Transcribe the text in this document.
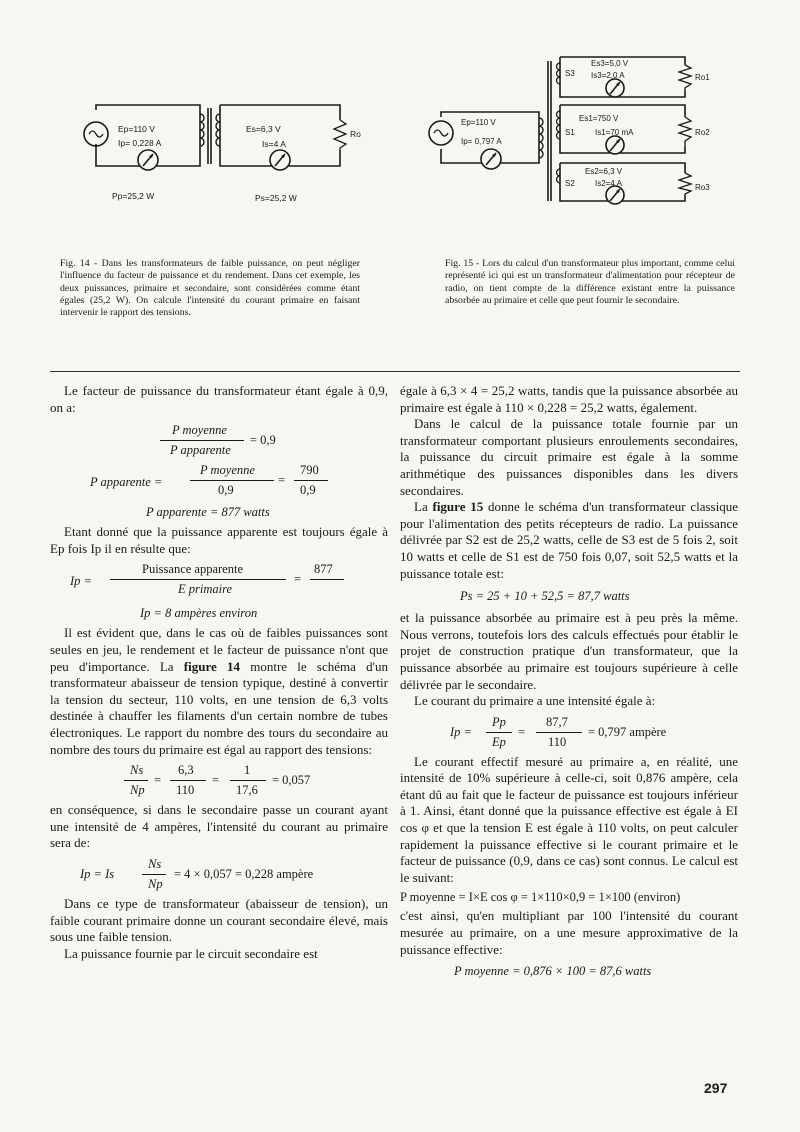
Ep=110 V
Ip= 0,228 A
Es=6,3 V
Is=4 A
Ro
Pp=25,2 W	Ps=25,2 W
Fig. 14 - Dans les transformateurs de faible puissance, on peut négliger l'influence du facteur de puissance et du rendement. Dans cet exemple, les deux puissances, primaire et secondaire, sont considérées comme étant égales (25,2 W). On calcule l'intensité du courant primaire en faisant intervenir le rapport des tensions.
Ep=110 V
Ip= 0,797 A
S3
Es3=5,0 V
Is3=2,0 A	Ro1
S1
Es1=750 V
Is1=70 mA	Ro2
S2
Es2=6,3 V
Is2=4 A	Ro3
Fig. 15 - Lors du calcul d'un transformateur plus important, comme celui représenté ici qui est un transformateur d'alimentation pour récepteur de radio, on tient compte de la différence existant entre la puissance absorbée au primaire et celle que peut fournir le secondaire.

Le facteur de puissance du transformateur étant égale à 0,9, on a:

P moyenne
P apparente
= 0,9
P apparente =
P moyenne
0,9
=
790
0,9
P apparente = 877 watts

Etant donné que la puissance apparente est toujours égale à Ep fois Ip il en résulte que:

Ip =
Puissance apparente
E primaire
=
877
Ip = 8 ampères environ

Il est évident que, dans le cas où de faibles puissances sont seules en jeu, le rendement et le facteur de puissance n'ont que peu d'importance. La figure 14 montre le schéma d'un transformateur abaisseur de tension typique, destiné à convertir la tension du secteur, 110 volts, en une tension de 6,3 volts destinée à chauffer les filaments d'un certain nombre de tubes électroniques. Le rapport du nombre des tours du secondaire au nombre des tours du primaire est égal au rapport des tensions:

Ns
Np
=
6,3
110
=
1
17,6
= 0,057

en conséquence, si dans le secondaire passe un courant ayant une intensité de 4 ampères, l'intensité du courant au primaire sera de:

Ip = Is
Ns
Np
= 4 × 0,057 = 0,228 ampère

Dans ce type de transformateur (abaisseur de tension), un faible courant primaire donne un courant secondaire élevé, mais sous une faible tension.

La puissance fournie par le circuit secondaire est

égale à 6,3 × 4 = 25,2 watts, tandis que la puissance absorbée au primaire est égale à 110 × 0,228 = 25,2 watts, également.

Dans le calcul de la puissance totale fournie par un transformateur comportant plusieurs enroulements secondaires, la puissance du circuit primaire est égale à la somme arithmétique des puissances disponibles dans les divers secondaires.

La figure 15 donne le schéma d'un transformateur classique pour l'alimentation des petits récepteurs de radio. La puissance délivrée par S2 est de 25,2 watts, celle de S3 est de 5 fois 2, soit 10 watts et celle de S1 est de 750 fois 0,07, soit 52,5 watts et la puissance totale est:

Ps = 25 + 10 + 52,5 = 87,7 watts

et la puissance absorbée au primaire est à peu près la même. Nous verrons, toutefois lors des calculs effectués pour établir le projet de construction pratique d'un transformateur, que la puissance absorbée au primaire est toujours supérieure à celle délivrée par le secondaire.

Le courant du primaire a une intensité égale à:

Ip =
Pp
Ep
=
87,7
110
= 0,797 ampère

Le courant effectif mesuré au primaire a, en réalité, une intensité de 10% supérieure à celle-ci, soit 0,876 ampère, cela étant dû au fait que le facteur de puissance est toujours inférieur à 1. Ainsi, étant donné que la puissance effective est égale à EI cos φ et que la tension E est égale à 110 volts, on peut calculer rapidement la puissance effective si le courant primaire et le facteur de puissance (0,9, dans ce cas) sont connus. Le calcul est le suivant:

P moyenne = I×E cos φ = 1×110×0,9 = 1×100 (environ)

c'est ainsi, qu'en multipliant par 100 l'intensité du courant mesurée au primaire, on a une mesure approximative de la puissance effective:

P moyenne = 0,876 × 100 = 87,6 watts
297
